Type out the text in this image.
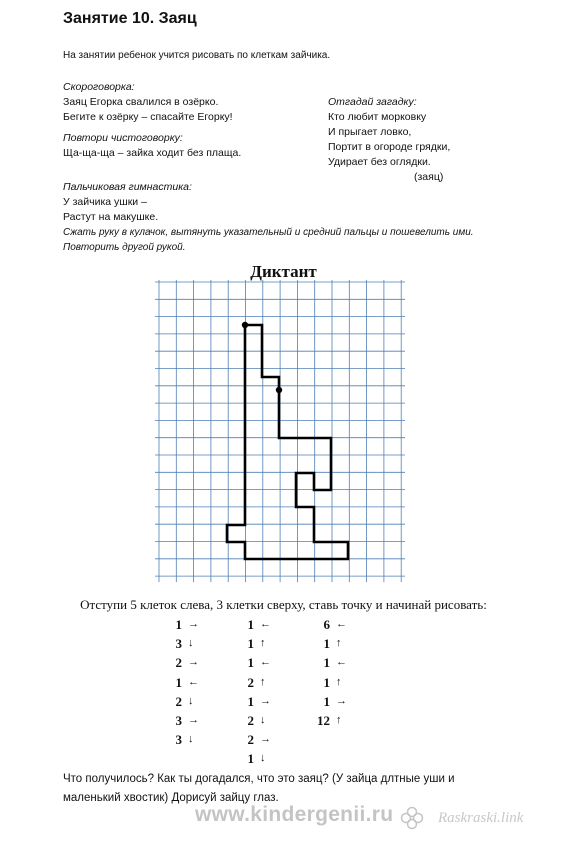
Занятие 10. Заяц
На занятии ребенок учится рисовать по клеткам зайчика.
Скороговорка:
Заяц Егорка свалился в озёрко.
Бегите к озёрку – спасайте Егорку!
Повтори чистоговорку:
Ща-ща-ща – зайка ходит без плаща.
Отгадай загадку:
Кто любит морковку
И прыгает ловко,
Портит в огороде грядки,
Удирает без оглядки.
(заяц)
Пальчиковая гимнастика:
У зайчика ушки –
Растут на макушке.
Сжать руку в кулачок, вытянуть указательный и средний пальцы и пошевелить ими.
Повторить другой рукой.
Диктант
Отступи 5 клеток слева, 3 клетки сверху, ставь точку и начинай рисовать:
1 →
3 ↓
2 →
1 ←
2 ↓
3 →
3 ↓
1 ←
1 ↑
1 ←
2 ↑
1 →
2 ↓
2 →
1 ↓
6 ←
1 ↑
1 ←
1 ↑
1 →
12 ↑
Что получилось? Как ты догадался, что это заяц? (У зайца длтные уши и
маленький хвостик) Дорисуй зайцу глаз.
www.kindergenii.ru	Raskraski.link
